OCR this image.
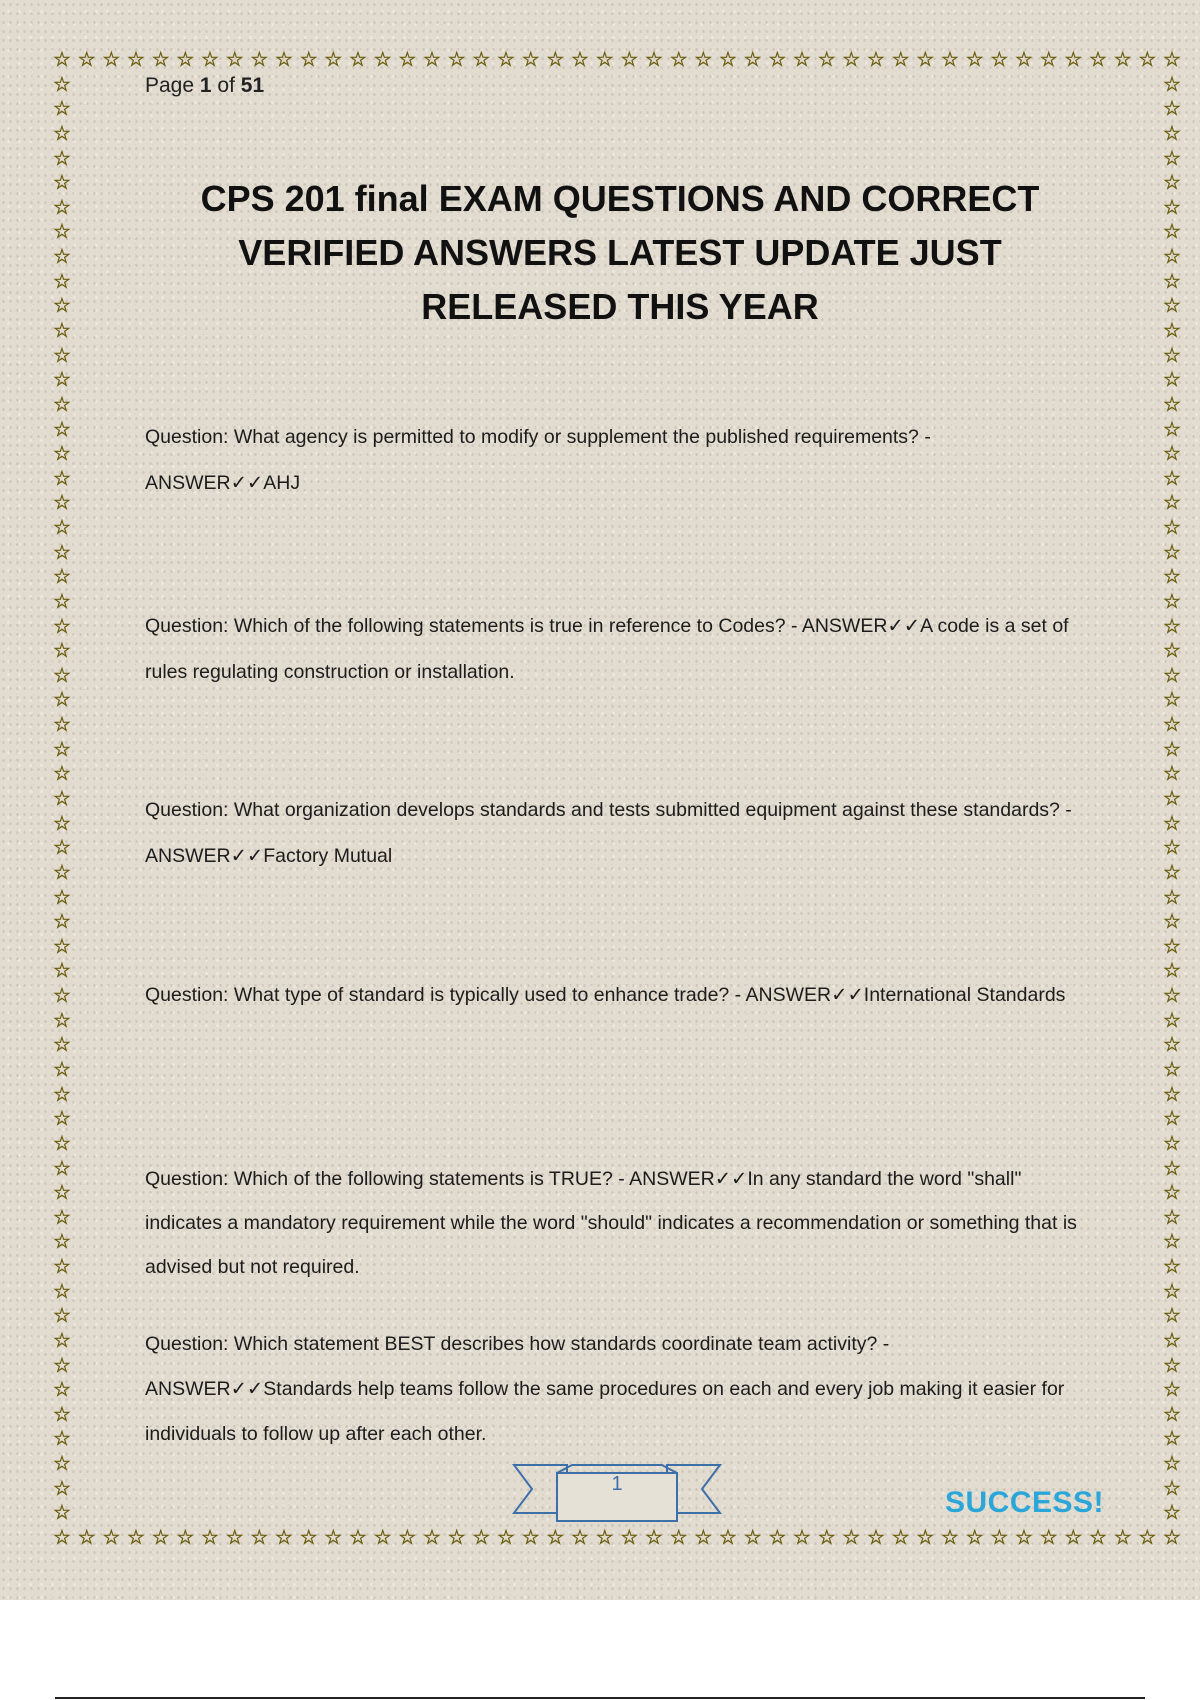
☆
☆
☆
☆
☆
☆
☆
☆
☆
☆
☆
☆
☆
☆
☆
☆
☆
☆
☆
☆
☆
☆
☆
☆
☆
☆
☆
☆
☆
☆
☆
☆
☆
☆
☆
☆
☆
☆
☆
☆
☆
☆
☆
☆
☆
☆
☆
☆
☆
☆
☆
☆
☆
☆
☆
☆
☆
☆
☆
☆
☆
☆
☆
☆
☆
☆
☆
☆
☆
☆
☆
☆
☆
☆
☆
☆
☆
☆
☆
☆
☆
☆
☆
☆
☆
☆
☆
☆
☆
☆
☆
☆
☆	☆
☆	☆
☆	☆
☆	☆
☆	☆
☆	☆
☆	☆
☆	☆
☆	☆
☆	☆
☆	☆
☆	☆
☆	☆
☆	☆
☆	☆
☆	☆
☆	☆
☆	☆
☆	☆
☆	☆
☆	☆
☆	☆
☆	☆
☆	☆
☆	☆
☆	☆
☆	☆
☆	☆
☆	☆
☆	☆
☆	☆
☆	☆
☆	☆
☆	☆
☆	☆
☆	☆
☆	☆
☆	☆
☆	☆
☆	☆
☆	☆
☆	☆
☆	☆
☆	☆
☆	☆
☆	☆
☆	☆
☆	☆
☆	☆
☆	☆
☆	☆
☆	☆
☆	☆
☆	☆
☆	☆
☆	☆
☆	☆
☆	☆
☆	☆
Page 1 of 51
CPS 201 final EXAM QUESTIONS AND CORRECT VERIFIED ANSWERS LATEST UPDATE JUST RELEASED THIS YEAR
Question: What agency is permitted to modify or supplement the published requirements? - ANSWER✓✓AHJ
Question: Which of the following statements is true in reference to Codes? - ANSWER✓✓A code is a set of rules regulating construction or installation.
Question: What organization develops standards and tests submitted equipment against these standards? - ANSWER✓✓Factory Mutual
Question: What type of standard is typically used to enhance trade? - ANSWER✓✓International Standards
Question: Which of the following statements is TRUE? - ANSWER✓✓In any standard the word "shall" indicates a mandatory requirement while the word "should" indicates a recommendation or something that is advised but not required.
Question: Which statement BEST describes how standards coordinate team activity? - ANSWER✓✓Standards help teams follow the same procedures on each and every job making it easier for individuals to follow up after each other.
1
SUCCESS!
